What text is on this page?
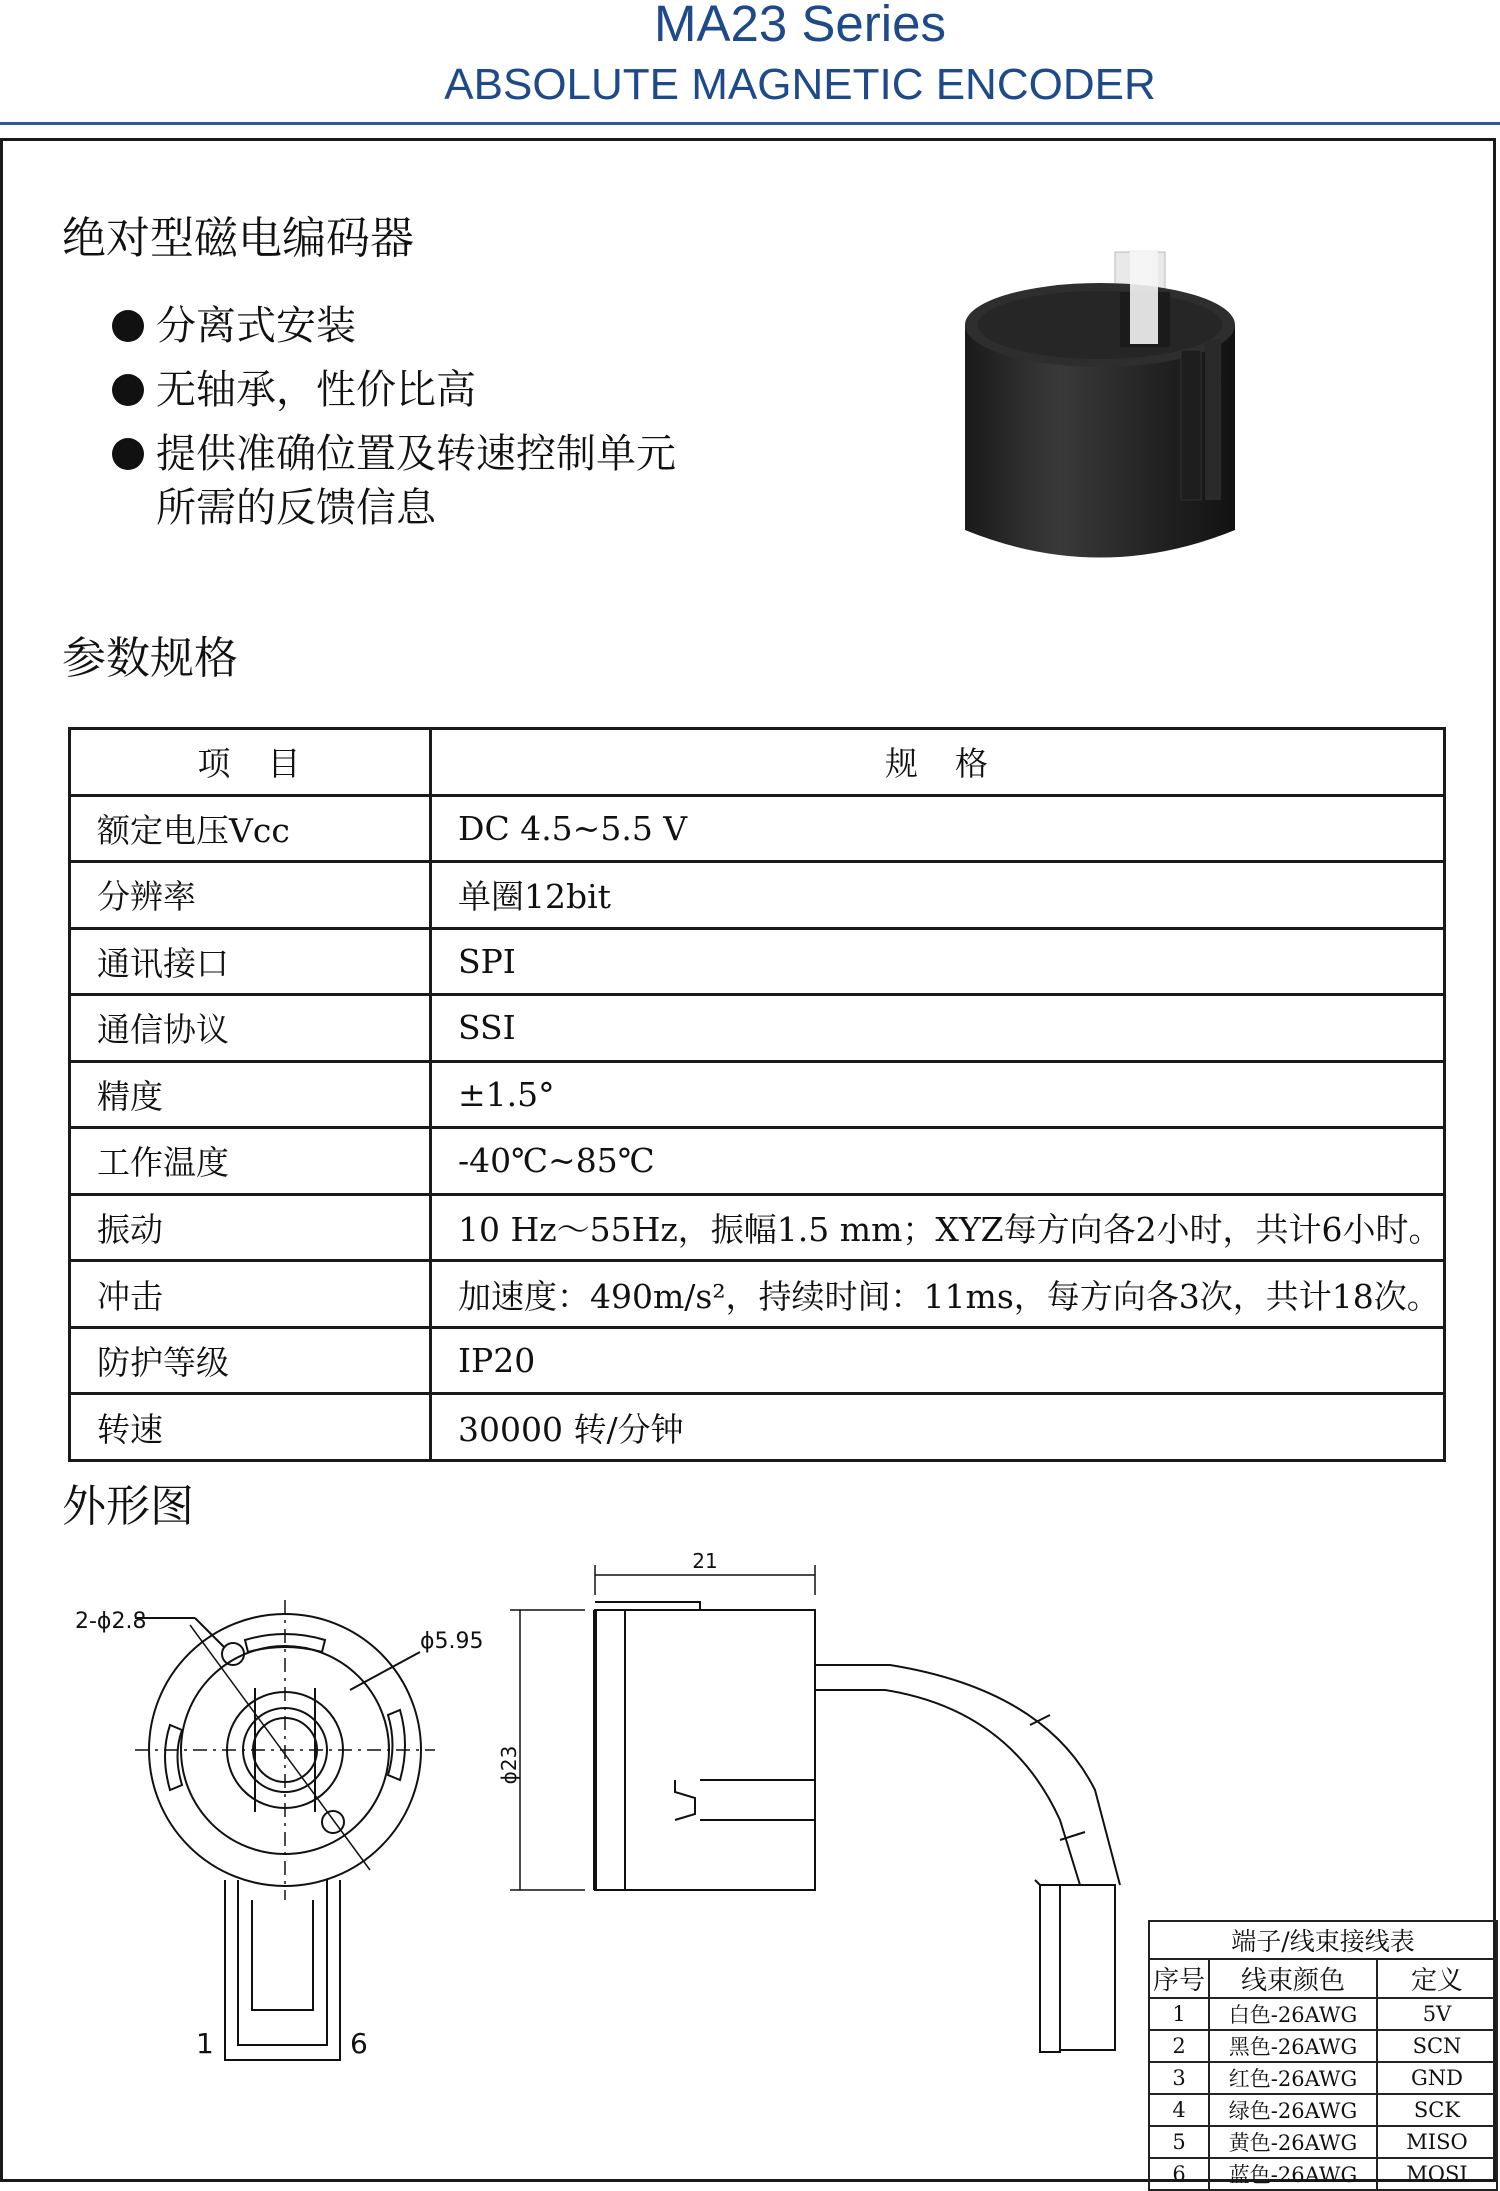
MA23 Series
ABSOLUTE MAGNETIC ENCODER
绝对型磁电编码器
分离式安装
无轴承，性价比高
提供准确位置及转速控制单元
所需的反馈信息
参数规格
项　目	规　格
额定电压Vcc	DC 4.5~5.5 V
分辨率	单圈12bit
通讯接口	SPI
通信协议	SSI
精度	±1.5°
工作温度	-40℃~85℃
振动	10 Hz～55Hz，振幅1.5 mm；XYZ每方向各2小时，共计6小时。
冲击	加速度：490m/s²，持续时间：11ms，每方向各3次，共计18次。
防护等级	IP20
转速	30000 转/分钟
外形图
2-ϕ2.8
ϕ5.95
21
ϕ23
1	6
端子/线束接线表		
序号	线束颜色	定义
1	白色-26AWG	5V
2	黑色-26AWG	SCN
3	红色-26AWG	GND
4	绿色-26AWG	SCK
5	黄色-26AWG	MISO
6	蓝色-26AWG	MOSI
